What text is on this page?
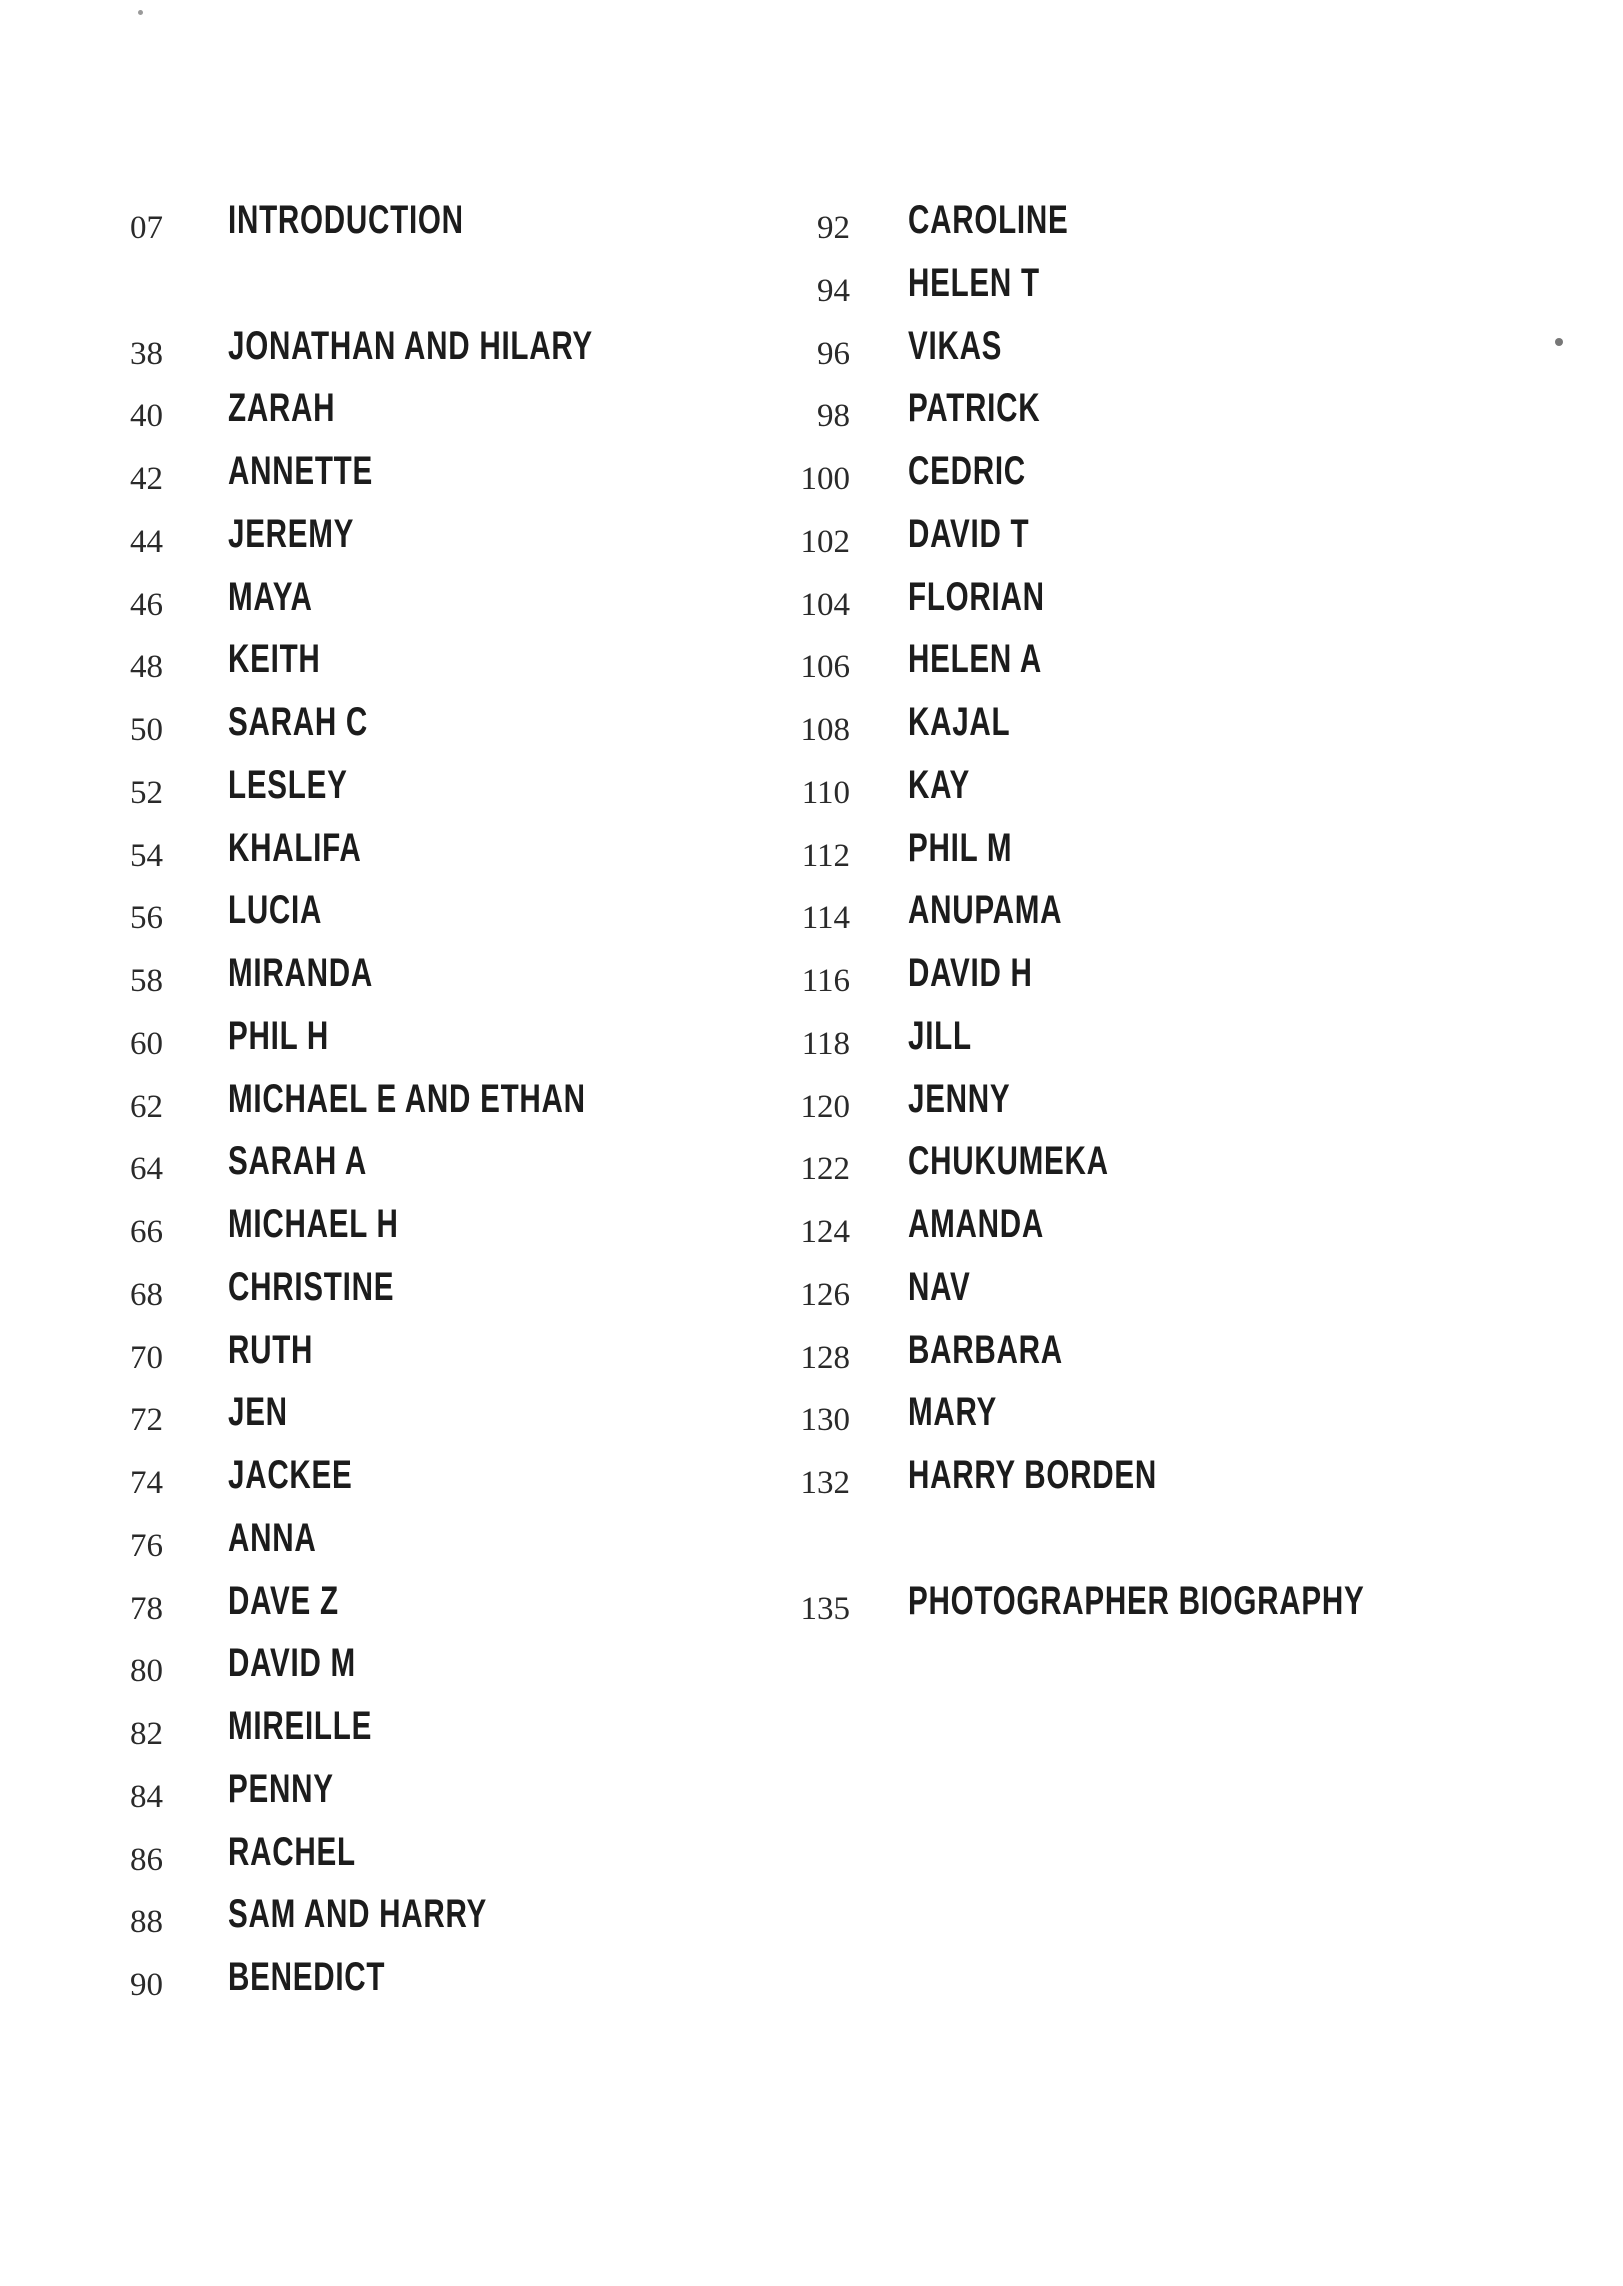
07 INTRODUCTION
38 JONATHAN AND HILARY
40 ZARAH
42 ANNETTE
44 JEREMY
46 MAYA
48 KEITH
50 SARAH C
52 LESLEY
54 KHALIFA
56 LUCIA
58 MIRANDA
60 PHIL H
62 MICHAEL E AND ETHAN
64 SARAH A
66 MICHAEL H
68 CHRISTINE
70 RUTH
72 JEN
74 JACKEE
76 ANNA
78 DAVE Z
80 DAVID M
82 MIREILLE
84 PENNY
86 RACHEL
88 SAM AND HARRY
90 BENEDICT
92 CAROLINE
94 HELEN T
96 VIKAS
98 PATRICK
100 CEDRIC
102 DAVID T
104 FLORIAN
106 HELEN A
108 KAJAL
110 KAY
112 PHIL M
114 ANUPAMA
116 DAVID H
118 JILL
120 JENNY
122 CHUKUMEKA
124 AMANDA
126 NAV
128 BARBARA
130 MARY
132 HARRY BORDEN
135 PHOTOGRAPHER BIOGRAPHY
